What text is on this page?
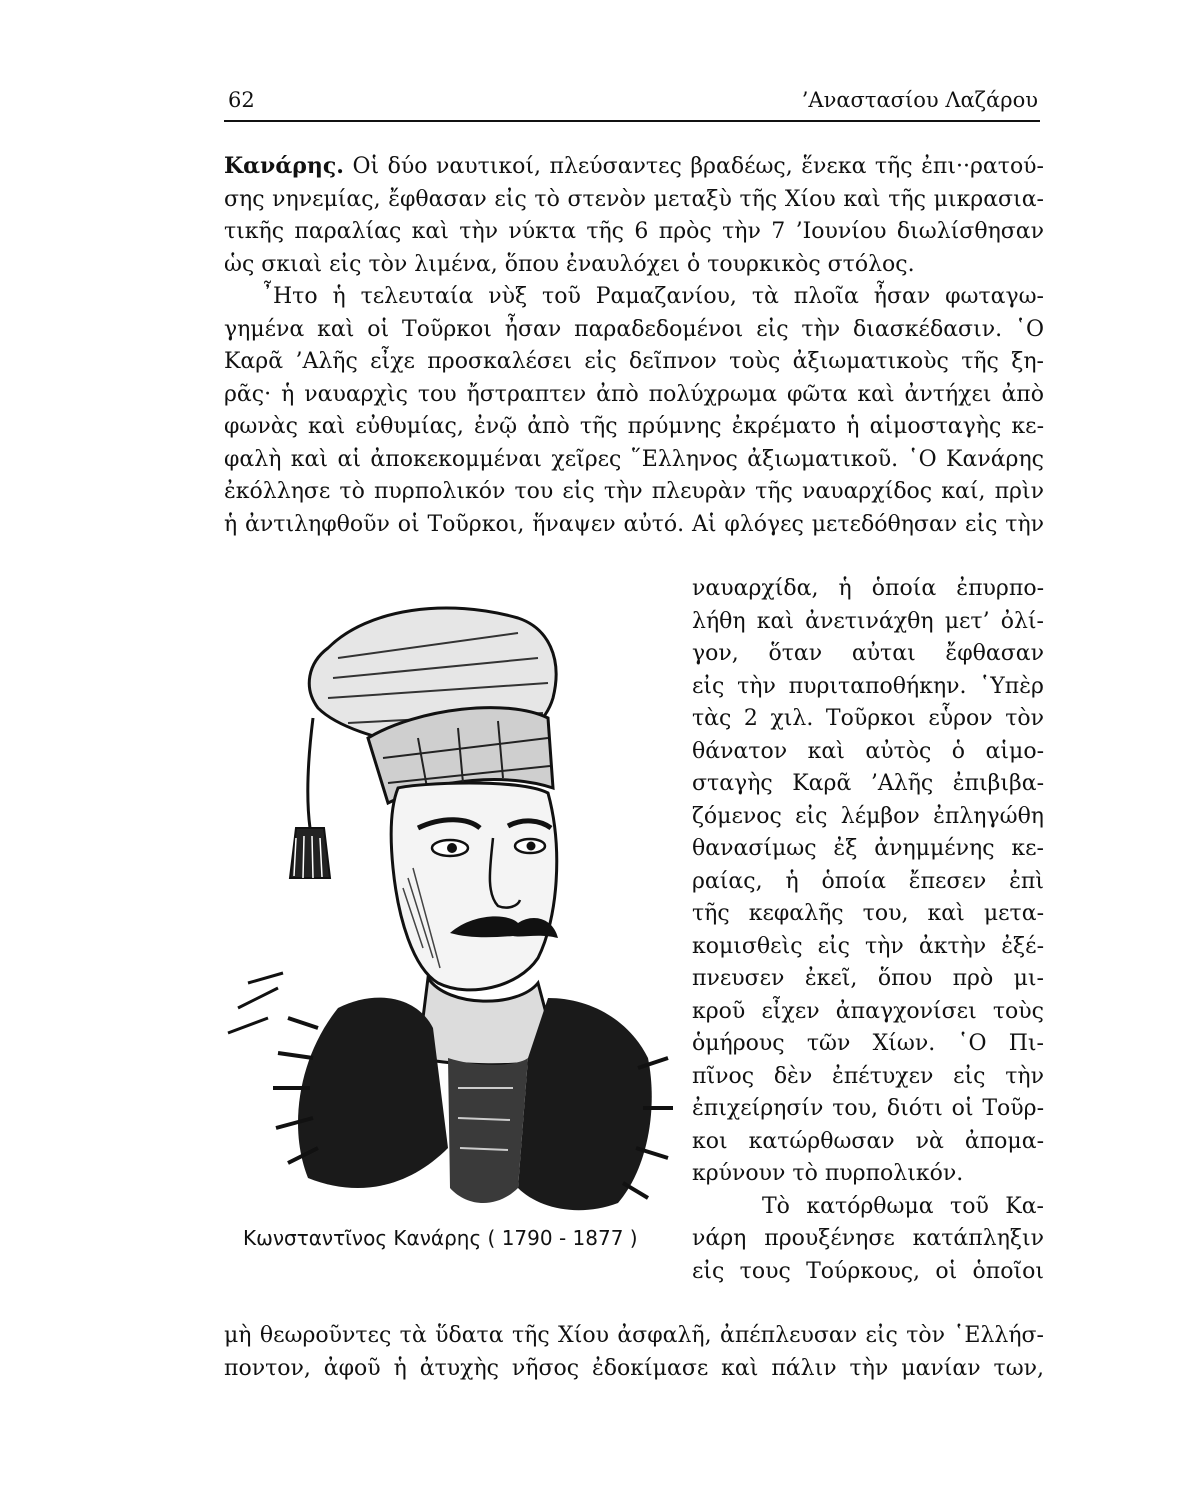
62	’Αναστασίου Λαζάρου
Κανάρης. Οἱ δύο ναυτικοί, πλεύσαντες βραδέως, ἕνεκα τῆς ἐπι··ρατού-
σης νηνεμίας, ἔφθασαν εἰς τὸ στενὸν μεταξὺ τῆς Χίου καὶ τῆς μικρασια-
τικῆς παραλίας καὶ τὴν νύκτα τῆς 6 πρὸς τὴν 7 ’Ιουνίου διωλίσθησαν
ὡς σκιαὶ εἰς τὸν λιμένα, ὅπου ἐναυλόχει ὁ τουρκικὸς στόλος.
῏Ητο ἡ τελευταία νὺξ τοῦ Ραμαζανίου, τὰ πλοῖα ἦσαν φωταγω-
γημένα καὶ οἱ Τοῦρκοι ἦσαν παραδεδομένοι εἰς τὴν διασκέδασιν. ῾Ο
Καρᾶ ’Αλῆς εἶχε προσκαλέσει εἰς δεῖπνον τοὺς ἀξιωματικοὺς τῆς ξη-
ρᾶς· ἡ ναυαρχὶς του ἤστραπτεν ἀπὸ πολύχρωμα φῶτα καὶ ἀντήχει ἀπὸ
φωνὰς καὶ εὐθυμίας, ἐνῷ ἀπὸ τῆς πρύμνης ἐκρέματο ἡ αἱμοσταγὴς κε-
φαλὴ καὶ αἱ ἀποκεκομμέναι χεῖρες ῞Ελληνος ἀξιωματικοῦ. ῾Ο Κανάρης
ἐκόλλησε τὸ πυρπολικόν του εἰς τὴν πλευρὰν τῆς ναυαρχίδος καί, πρὶν
ἡ ἀντιληφθοῦν οἱ Τοῦρκοι, ἥναψεν αὐτό. Αἱ φλόγες μετεδόθησαν εἰς τὴν
Κωνσταντῖνος Κανάρης ( 1790 - 1877 )
ναυαρχίδα, ἡ ὁποία ἐπυρπο-
λήθη καὶ ἀνετινάχθη μετ’ ὀλί-
γον, ὅταν αὐται ἔφθασαν
εἰς τὴν πυριταποθήκην. ῾Υπὲρ
τὰς 2 χιλ. Τοῦρκοι εὗρον τὸν
θάνατον καὶ αὐτὸς ὁ αἱμο-
σταγὴς Καρᾶ ’Αλῆς ἐπιβιβα-
ζόμενος εἰς λέμβον ἐπληγώθη
θανασίμως ἐξ ἀνημμένης κε-
ραίας, ἡ ὁποία ἔπεσεν ἐπὶ
τῆς κεφαλῆς του, καὶ μετα-
κομισθεὶς εἰς τὴν ἀκτὴν ἐξέ-
πνευσεν ἐκεῖ, ὅπου πρὸ μι-
κροῦ εἶχεν ἀπαγχονίσει τοὺς
ὁμήρους τῶν Χίων. ῾Ο Πι-
πῖνος δὲν ἐπέτυχεν εἰς τὴν
ἐπιχείρησίν του, διότι οἱ Τοῦρ-
κοι κατώρθωσαν νὰ ἀπομα-
κρύνουν τὸ πυρπολικόν.
Τὸ κατόρθωμα τοῦ Κα-
νάρη προυξένησε κατάπληξιν
εἰς τους Τούρκους, οἱ ὁποῖοι
μὴ θεωροῦντες τὰ ὕδατα τῆς Χίου ἀσφαλῆ, ἀπέπλευσαν εἰς τὸν ῾Ελλήσ-
ποντον, ἀφοῦ ἡ ἀτυχὴς νῆσος ἐδοκίμασε καὶ πάλιν τὴν μανίαν των,
